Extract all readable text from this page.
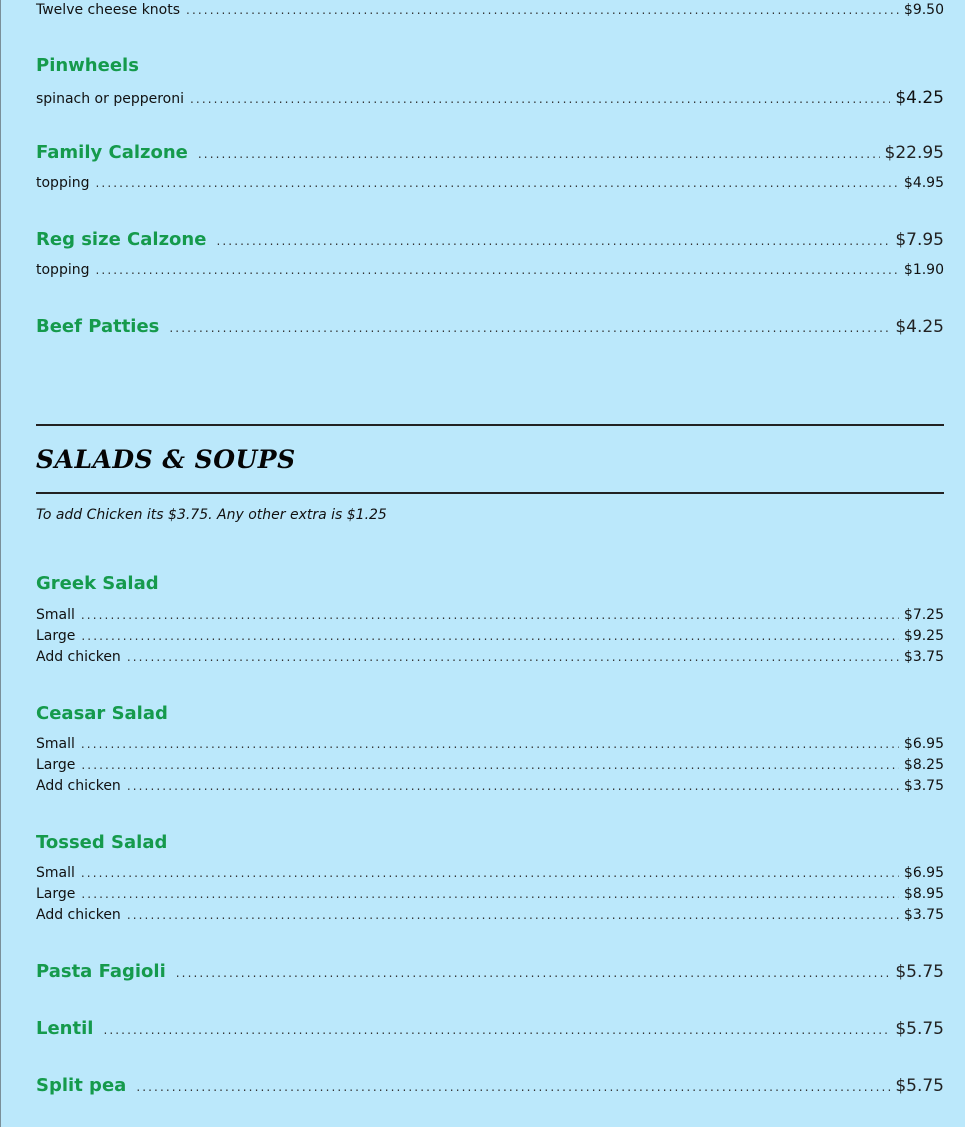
Twelve cheese knots .....	$9.50
Pinwheels
spinach or pepperoni .....	$4.25
Family Calzone .....	$22.95
topping .....	$4.95
Reg size Calzone .....	$7.95
topping .....	$1.90
Beef Patties .....	$4.25
SALADS & SOUPS
To add Chicken its $3.75. Any other extra is $1.25
Greek Salad
Small .....	$7.25
Large .....	$9.25
Add chicken .....	$3.75
Ceasar Salad
Small .....	$6.95
Large .....	$8.25
Add chicken .....	$3.75
Tossed Salad
Small .....	$6.95
Large .....	$8.95
Add chicken .....	$3.75
Pasta Fagioli .....	$5.75
Lentil .....	$5.75
Split pea .....	$5.75
